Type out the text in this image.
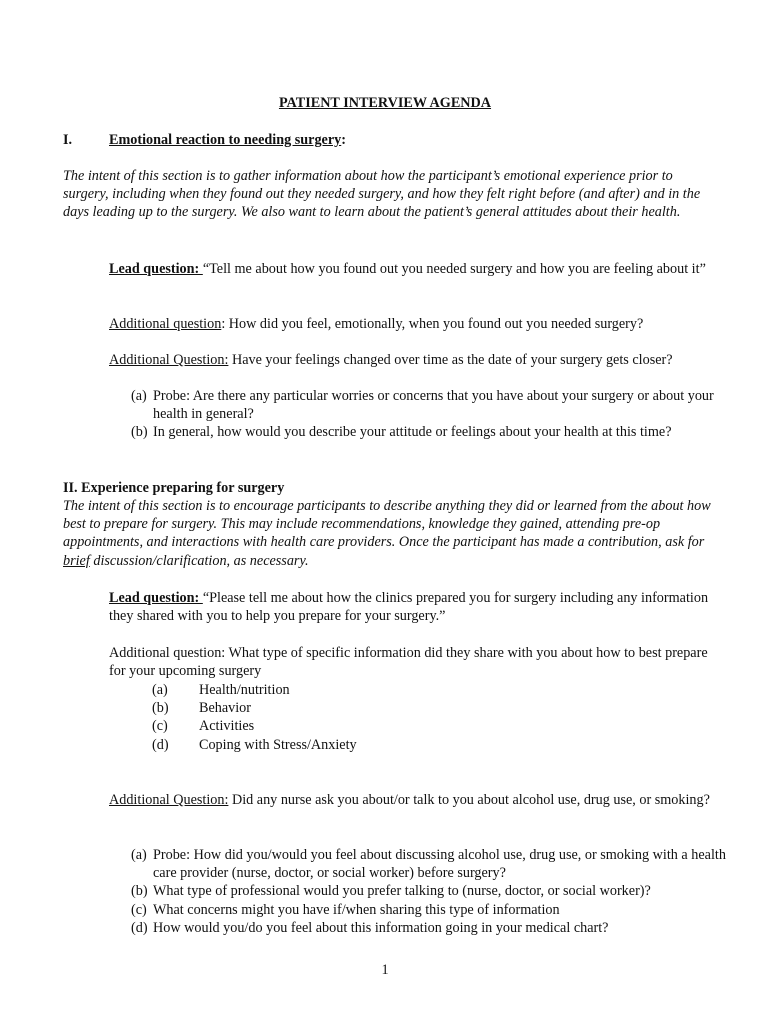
PATIENT INTERVIEW AGENDA
I.	Emotional reaction to needing surgery:
The intent of this section is to gather information about how the participant’s emotional experience prior to surgery, including when they found out they needed surgery, and how they felt right before (and after) and in the days leading up to the surgery. We also want to learn about the patient’s general attitudes about their health.
Lead question: “Tell me about how you found out you needed surgery and how you are feeling about it”
Additional question: How did you feel, emotionally, when you found out you needed surgery?
Additional Question: Have your feelings changed over time as the date of your surgery gets closer?
(a) Probe: Are there any particular worries or concerns that you have about your surgery or about your health in general?
(b) In general, how would you describe your attitude or feelings about your health at this time?
II. Experience preparing for surgery
The intent of this section is to encourage participants to describe anything they did or learned from the about how best to prepare for surgery. This may include recommendations, knowledge they gained, attending pre-op appointments, and interactions with health care providers. Once the participant has made a contribution, ask for brief discussion/clarification, as necessary.
Lead question: “Please tell me about how the clinics prepared you for surgery including any information they shared with you to help you prepare for your surgery.”
Additional question: What type of specific information did they share with you about how to best prepare for your upcoming surgery
(a)	Health/nutrition
(b)	Behavior
(c)	Activities
(d)	Coping with Stress/Anxiety
Additional Question: Did any nurse ask you about/or talk to you about alcohol use, drug use, or smoking?
(a) Probe: How did you/would you feel about discussing alcohol use, drug use, or smoking with a health care provider (nurse, doctor, or social worker) before surgery?
(b) What type of professional would you prefer talking to (nurse, doctor, or social worker)?
(c) What concerns might you have if/when sharing this type of information
(d) How would you/do you feel about this information going in your medical chart?
1
